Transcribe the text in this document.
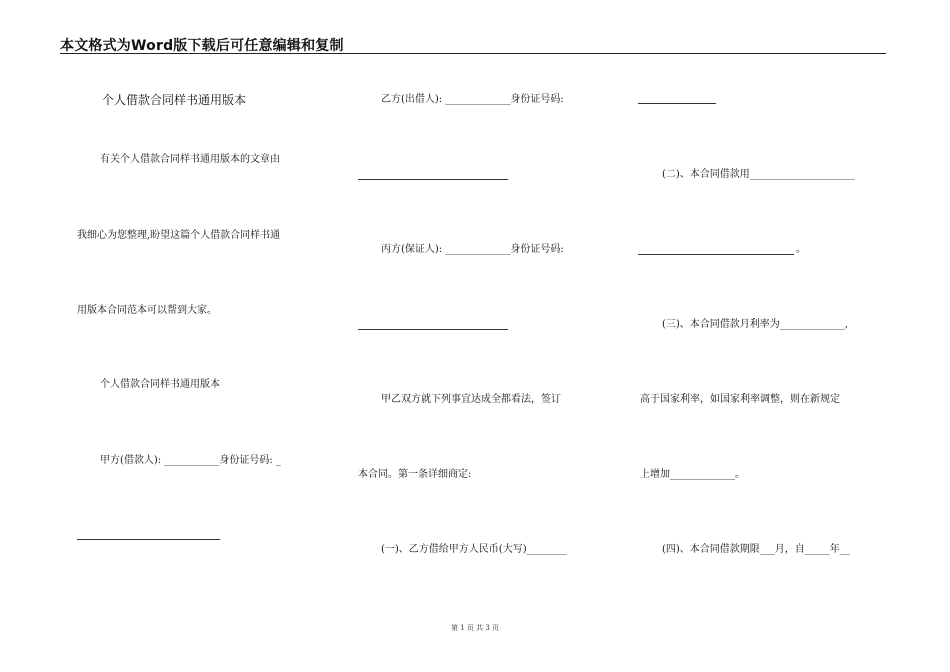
本文格式为Word版下载后可任意编辑和复制
个人借款合同样书通用版本
有关个人借款合同样书通用版本的文章由
我细心为您整理,盼望这篇个人借款合同样书通
用版本合同范本可以帮到大家。
个人借款合同样书通用版本
甲方(借款人): ___________身份证号码: _
乙方(出借人): _____________身份证号码:
丙方(保证人): _____________身份证号码:
甲乙双方就下列事宜达成全都看法，签订
本合同。第一条详细商定:
(一)、乙方借给甲方人民币(大写)________
(二)、本合同借款用_____________________
。
(三)、本合同借款月利率为_____________,
高于国家利率，如国家利率调整，则在新规定
上增加_____________。
(四)、本合同借款期限___月，自_____年__
第 1 页 共 3 页
